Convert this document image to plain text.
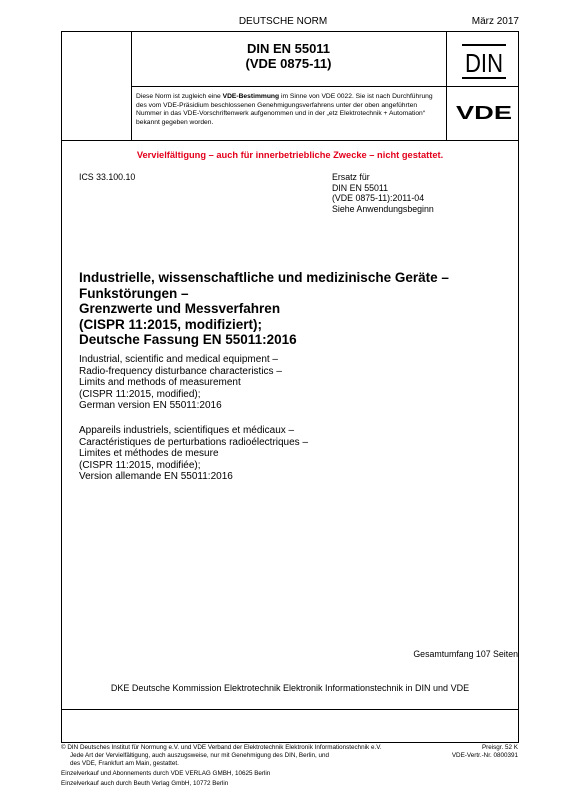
DEUTSCHE NORM	März 2017
DIN EN 55011
(VDE 0875-11)	DIN
VDE
Diese Norm ist zugleich eine VDE-Bestimmung im Sinne von VDE 0022. Sie ist nach Durchführung des vom VDE-Präsidium beschlossenen Genehmigungsverfahrens unter der oben angeführten Nummer in das VDE-Vorschriftenwerk aufgenommen und in der „etz Elektrotechnik + Automation“ bekannt gegeben worden.
Vervielfältigung – auch für innerbetriebliche Zwecke – nicht gestattet.
ICS 33.100.10	Ersatz für
DIN EN 55011
(VDE 0875-11):2011-04
Siehe Anwendungsbeginn
Industrielle, wissenschaftliche und medizinische Geräte –
Funkstörungen –
Grenzwerte und Messverfahren
(CISPR 11:2015, modifiziert);
Deutsche Fassung EN 55011:2016
Industrial, scientific and medical equipment –
Radio-frequency disturbance characteristics –
Limits and methods of measurement
(CISPR 11:2015, modified);
German version EN 55011:2016
Appareils industriels, scientifiques et médicaux –
Caractéristiques de perturbations radioélectriques –
Limites et méthodes de mesure
(CISPR 11:2015, modifiée);
Version allemande EN 55011:2016
Gesamtumfang 107 Seiten
DKE Deutsche Kommission Elektrotechnik Elektronik Informationstechnik in DIN und VDE
© DIN Deutsches Institut für Normung e.V. und VDE Verband der Elektrotechnik Elektronik Informationstechnik e.V.
Jede Art der Vervielfältigung, auch auszugsweise, nur mit Genehmigung des DIN, Berlin, und
des VDE, Frankfurt am Main, gestattet.
Preisgr. 52 K
VDE-Vertr.-Nr. 0800391
Einzelverkauf und Abonnements durch VDE VERLAG GMBH, 10625 Berlin
Einzelverkauf auch durch Beuth Verlag GmbH, 10772 Berlin
